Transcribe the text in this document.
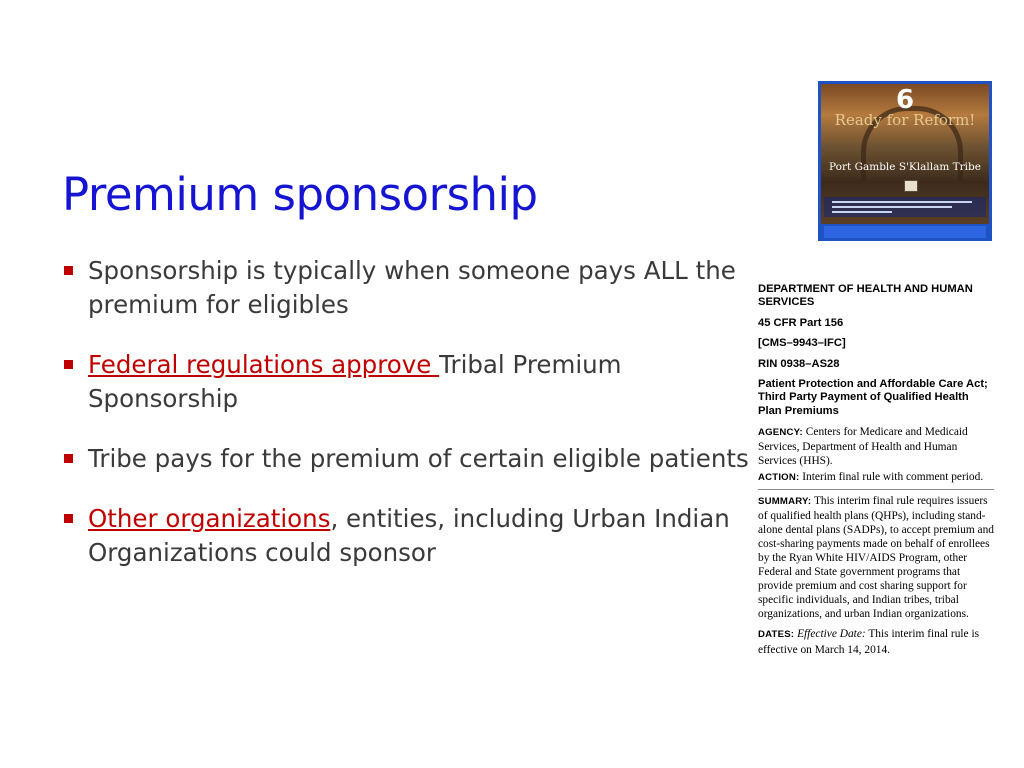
Premium sponsorship
Sponsorship is typically when someone pays ALL the premium for eligibles
Federal regulations approve Tribal Premium Sponsorship
Tribe pays for the premium of certain eligible patients
Other organizations, entities, including Urban Indian Organizations could sponsor
Ready for Reform!
6
Port Gamble S'Klallam Tribe

DEPARTMENT OF HEALTH AND HUMAN SERVICES

45 CFR Part 156

[CMS–9943–IFC]

RIN 0938–AS28

Patient Protection and Affordable Care Act; Third Party Payment of Qualified Health Plan Premiums

AGENCY: Centers for Medicare and Medicaid Services, Department of Health and Human Services (HHS).

ACTION: Interim final rule with comment period.

SUMMARY: This interim final rule requires issuers of qualified health plans (QHPs), including stand-alone dental plans (SADPs), to accept premium and cost-sharing payments made on behalf of enrollees by the Ryan White HIV/AIDS Program, other Federal and State government programs that provide premium and cost sharing support for specific individuals, and Indian tribes, tribal organizations, and urban Indian organizations.

DATES: Effective Date: This interim final rule is effective on March 14, 2014.
